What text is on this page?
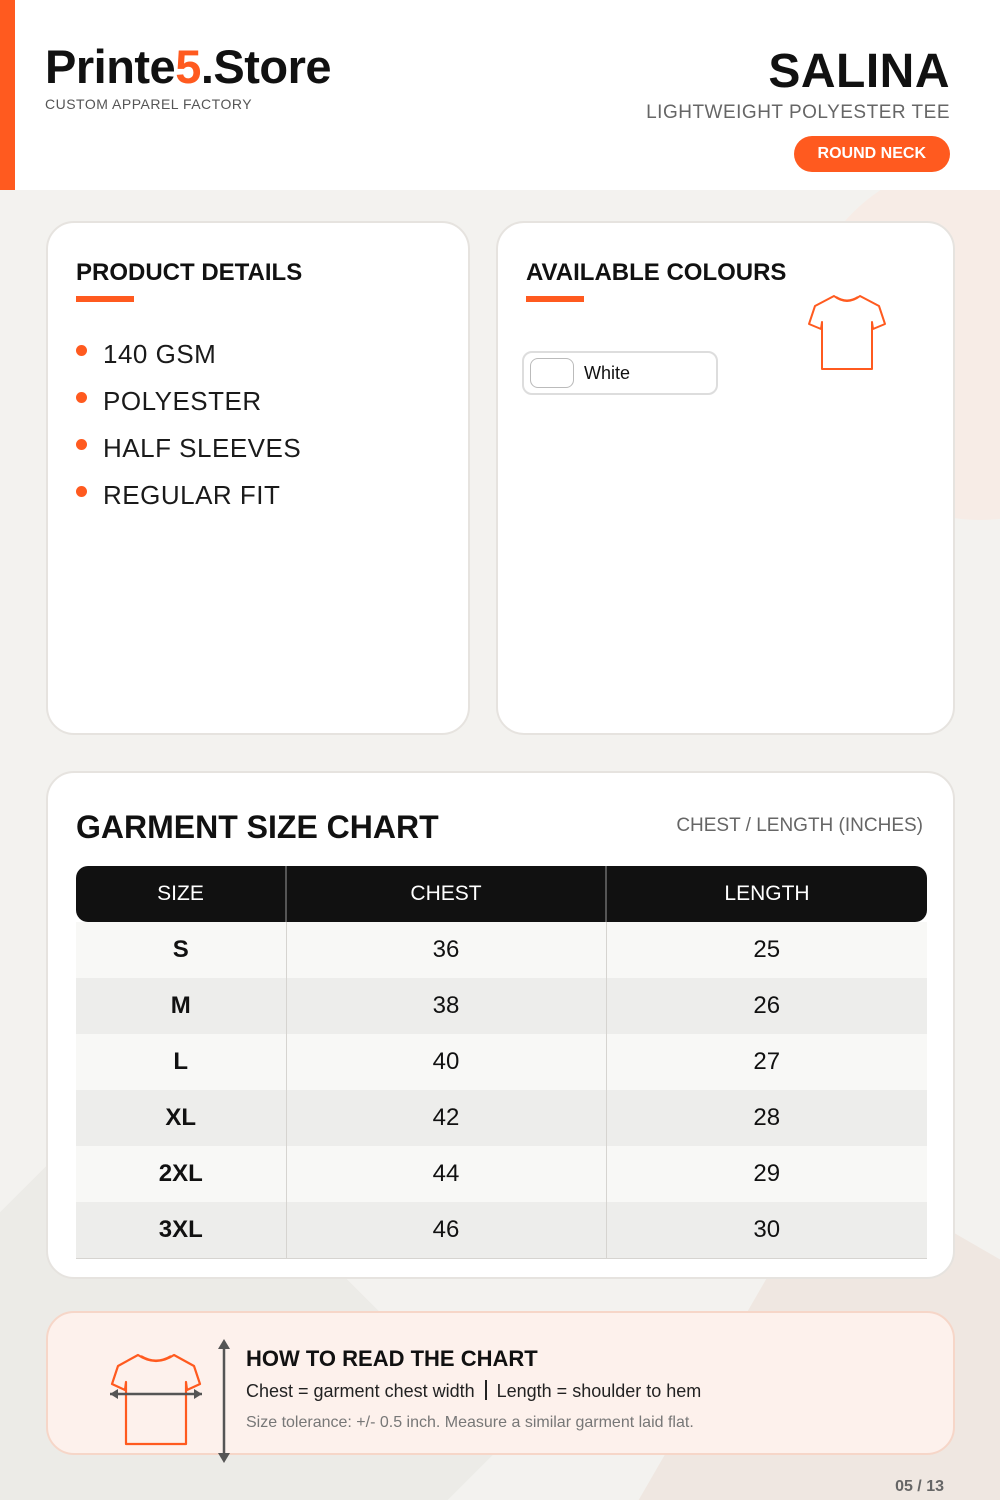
Printe5.Store
CUSTOM APPAREL FACTORY
SALINA
LIGHTWEIGHT POLYESTER TEE
ROUND NECK
PRODUCT DETAILS
140 GSM
POLYESTER
HALF SLEEVES
REGULAR FIT
AVAILABLE COLOURS
White
GARMENT SIZE CHART	CHEST / LENGTH (INCHES)
SIZE	CHEST	LENGTH
S	36	25
M	38	26
L	40	27
XL	42	28
2XL	44	29
3XL	46	30
HOW TO READ THE CHART
Chest = garment chest width Length = shoulder to hem
Size tolerance: +/- 0.5 inch. Measure a similar garment laid flat.
05 / 13
